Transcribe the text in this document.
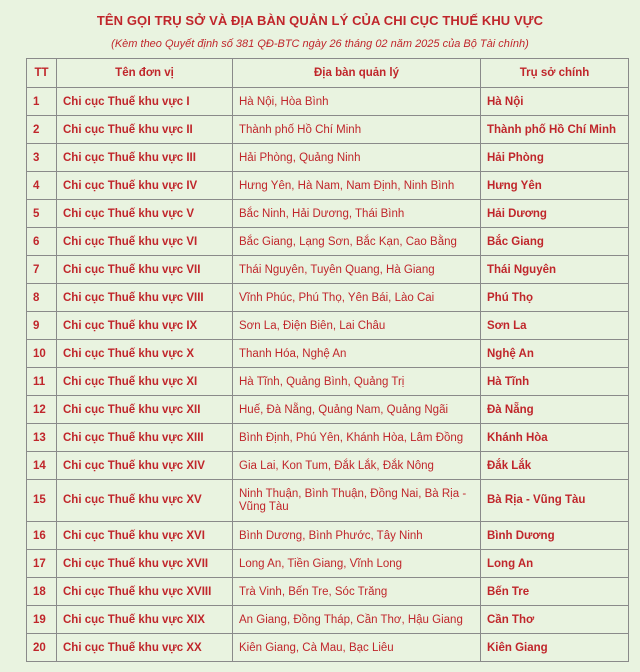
TÊN GỌI TRỤ SỞ VÀ ĐỊA BÀN QUẢN LÝ CỦA CHI CỤC THUẾ KHU VỰC
(Kèm theo Quyết định số 381 QĐ-BTC ngày 26 tháng 02 năm 2025 của Bộ Tài chính)
TT	Tên đơn vị	Địa bàn quản lý	Trụ sở chính
1	Chi cục Thuế khu vực I	Hà Nội, Hòa Bình	Hà Nội
2	Chi cục Thuế khu vực II	Thành phố Hồ Chí Minh	Thành phố Hồ Chí Minh
3	Chi cục Thuế khu vực III	Hải Phòng, Quảng Ninh	Hải Phòng
4	Chi cục Thuế khu vực IV	Hưng Yên, Hà Nam, Nam Định, Ninh Bình	Hưng Yên
5	Chi cục Thuế khu vực V	Bắc Ninh, Hải Dương, Thái Bình	Hải Dương
6	Chi cục Thuế khu vực VI	Bắc Giang, Lạng Sơn, Bắc Kạn, Cao Bằng	Bắc Giang
7	Chi cục Thuế khu vực VII	Thái Nguyên, Tuyên Quang, Hà Giang	Thái Nguyên
8	Chi cục Thuế khu vực VIII	Vĩnh Phúc, Phú Thọ, Yên Bái, Lào Cai	Phú Thọ
9	Chi cục Thuế khu vực IX	Sơn La, Điện Biên, Lai Châu	Sơn La
10	Chi cục Thuế khu vực X	Thanh Hóa, Nghệ An	Nghệ An
11	Chi cục Thuế khu vực XI	Hà Tĩnh, Quảng Bình, Quảng Trị	Hà Tĩnh
12	Chi cục Thuế khu vực XII	Huế, Đà Nẵng, Quảng Nam, Quảng Ngãi	Đà Nẵng
13	Chi cục Thuế khu vực XIII	Bình Định, Phú Yên, Khánh Hòa, Lâm Đồng	Khánh Hòa
14	Chi cục Thuế khu vực XIV	Gia Lai, Kon Tum, Đắk Lắk, Đắk Nông	Đắk Lắk
15	Chi cục Thuế khu vực XV	Ninh Thuận, Bình Thuận, Đồng Nai, Bà Rịa - Vũng Tàu	Bà Rịa - Vũng Tàu
16	Chi cục Thuế khu vực XVI	Bình Dương, Bình Phước, Tây Ninh	Bình Dương
17	Chi cục Thuế khu vực XVII	Long An, Tiền Giang, Vĩnh Long	Long An
18	Chi cục Thuế khu vực XVIII	Trà Vinh, Bến Tre, Sóc Trăng	Bến Tre
19	Chi cục Thuế khu vực XIX	An Giang, Đồng Tháp, Cần Thơ, Hậu Giang	Cần Thơ
20	Chi cục Thuế khu vực XX	Kiên Giang, Cà Mau, Bạc Liêu	Kiên Giang
